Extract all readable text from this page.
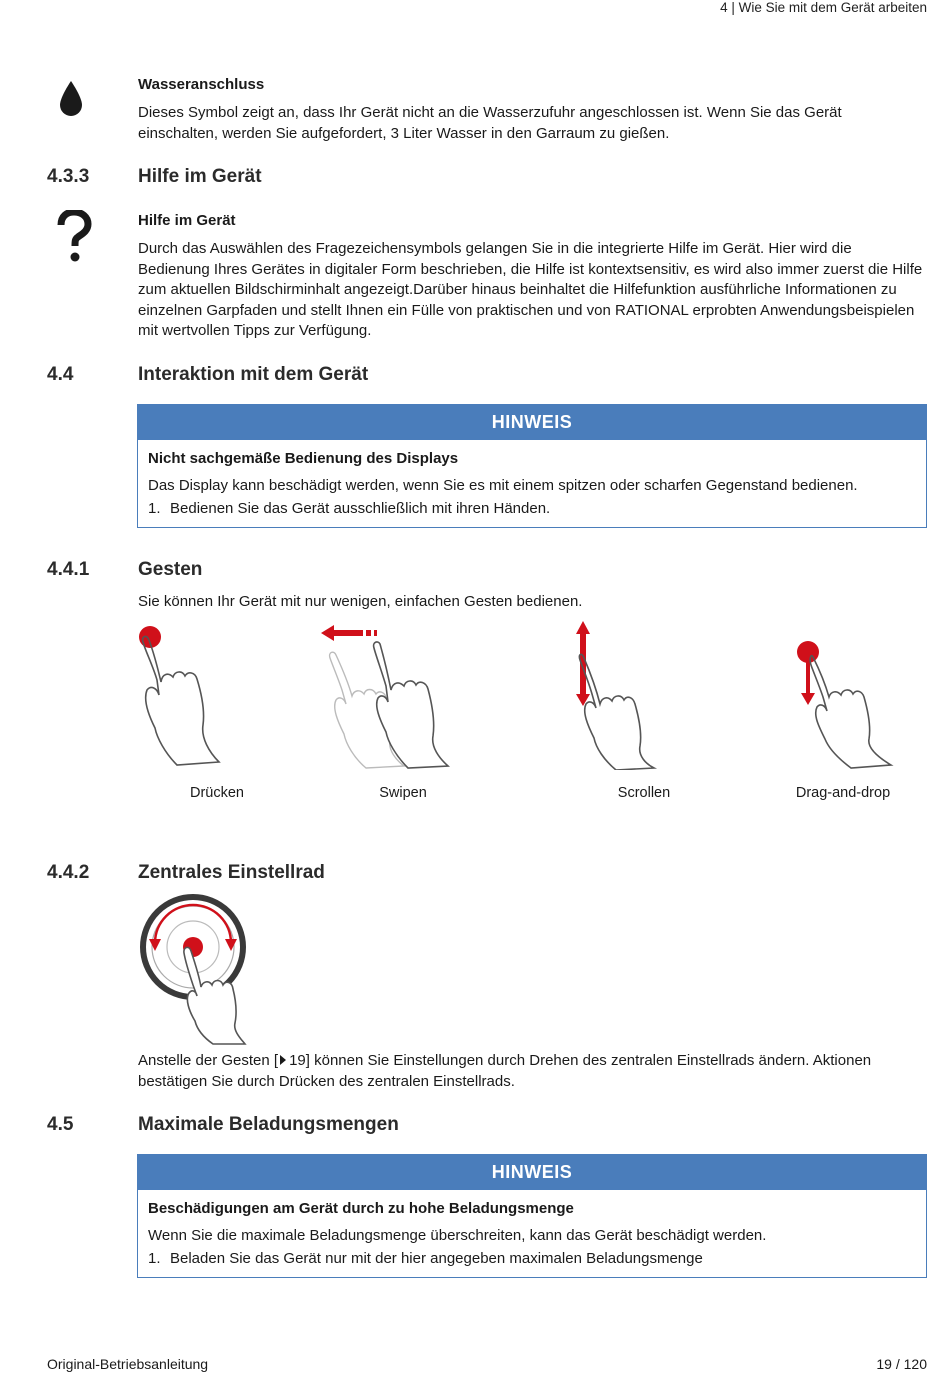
4 | Wie Sie mit dem Gerät arbeiten
Wasseranschluss
Dieses Symbol zeigt an, dass Ihr Gerät nicht an die Wasserzufuhr angeschlossen ist. Wenn Sie das Gerät einschalten, werden Sie aufgefordert, 3 Liter Wasser in den Garraum zu gießen.
4.3.3	Hilfe im Gerät
Hilfe im Gerät
Durch das Auswählen des Fragezeichensymbols gelangen Sie in die integrierte Hilfe im Gerät. Hier wird die Bedienung Ihres Gerätes in digitaler Form beschrieben, die Hilfe ist kontextsensitiv, es wird also immer zuerst die Hilfe zum aktuellen Bildschirminhalt angezeigt.Darüber hinaus beinhaltet die Hilfefunktion ausführliche Informationen zu einzelnen Garpfaden und stellt Ihnen ein Fülle von praktischen und von RATIONAL erprobten Anwendungsbeispielen mit wertvollen Tipps zur Verfügung.
4.4	Interaktion mit dem Gerät
HINWEIS
Nicht sachgemäße Bedienung des Displays
Das Display kann beschädigt werden, wenn Sie es mit einem spitzen oder scharfen Gegenstand bedienen.
1. Bedienen Sie das Gerät ausschließlich mit ihren Händen.
4.4.1	Gesten
Sie können Ihr Gerät mit nur wenigen, einfachen Gesten bedienen.
Drücken	Swipen	Scrollen	Drag-and-drop
4.4.2	Zentrales Einstellrad
Anstelle der Gesten [ 19] können Sie Einstellungen durch Drehen des zentralen Einstellrads ändern. Aktionen bestätigen Sie durch Drücken des zentralen Einstellrads.
4.5	Maximale Beladungsmengen
HINWEIS
Beschädigungen am Gerät durch zu hohe Beladungsmenge
Wenn Sie die maximale Beladungsmenge überschreiten, kann das Gerät beschädigt werden.
1. Beladen Sie das Gerät nur mit der hier angegeben maximalen Beladungsmenge
Original-Betriebsanleitung	19 / 120
